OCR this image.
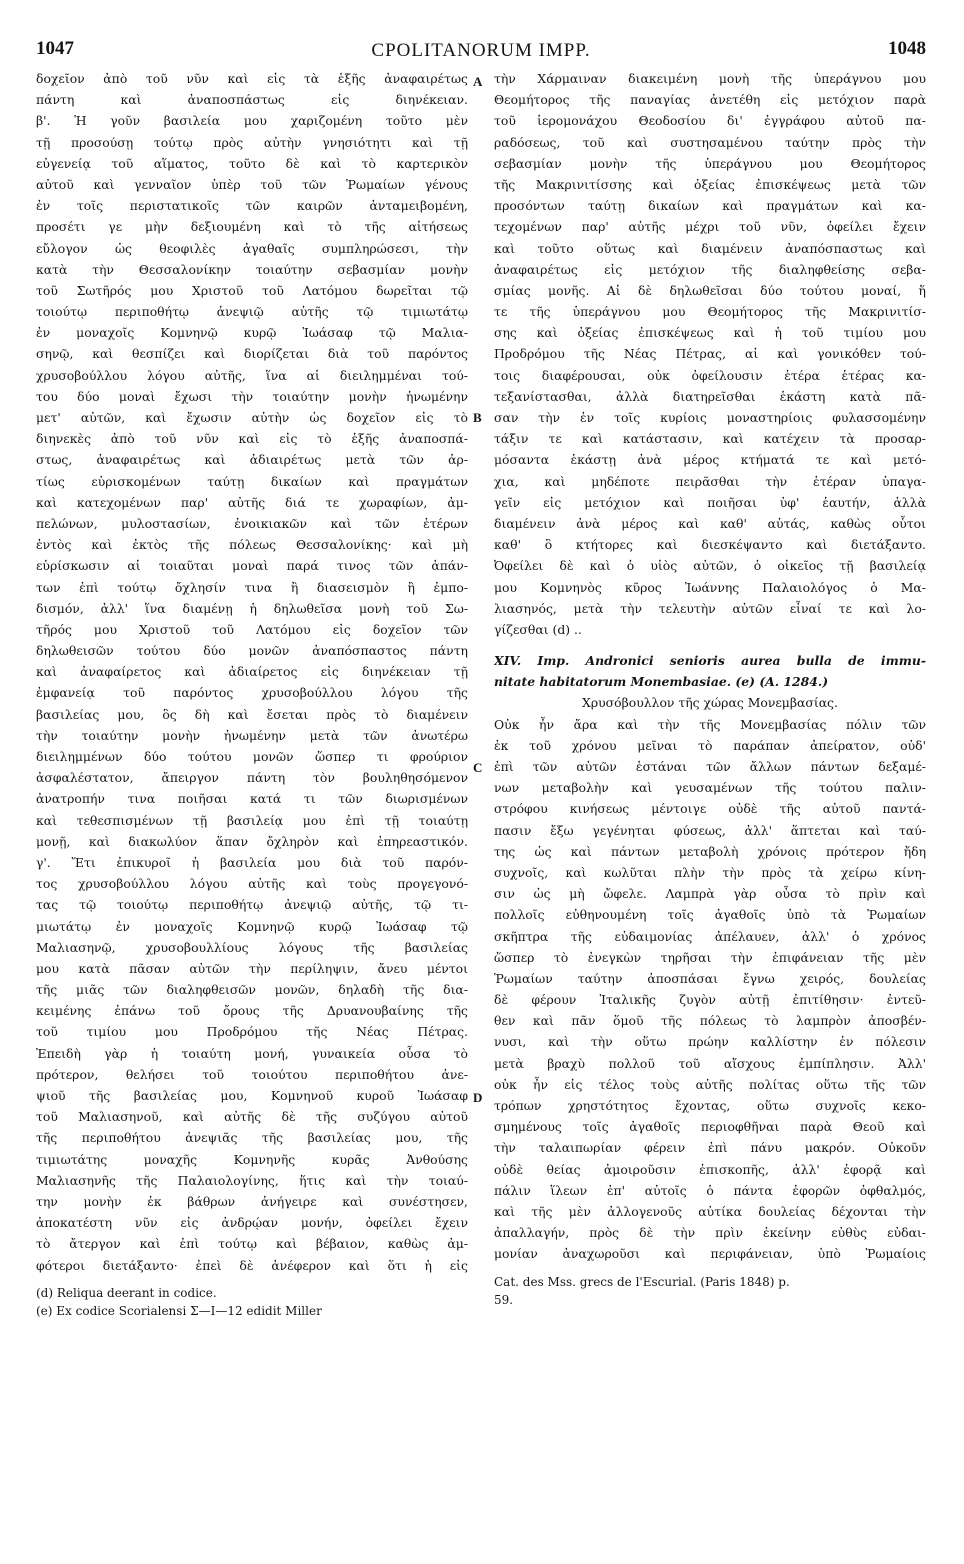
1047	CPOLITANORUM IMPP.	1048
δοχεῖον ἀπὸ τοῦ νῦν καὶ εἰς τὰ ἑξῆς ἀναφαιρέτως
πάντη καὶ ἀναποσπάστως εἰς διηνέκειαν.
β'. Ἡ γοῦν βασιλεία μου χαριζομένη τοῦτο μὲν
τῇ προσούσῃ τούτῳ πρὸς αὐτὴν γνησιότητι καὶ τῇ
εὐγενείᾳ τοῦ αἵματος, τοῦτο δὲ καὶ τὸ καρτερικὸν
αὐτοῦ καὶ γενναῖον ὑπὲρ τοῦ τῶν Ῥωμαίων γένους
ἐν τοῖς περιστατικοῖς τῶν καιρῶν ἀνταμειβομένη,
προσέτι γε μὴν δεξιουμένη καὶ τὸ τῆς αἰτήσεως
εὔλογον ὡς θεοφιλὲς ἀγαθαῖς συμπληρώσεσι, τὴν
κατὰ τὴν Θεσσαλονίκην τοιαύτην σεβασμίαν μονὴν
τοῦ Σωτῆρός μου Χριστοῦ τοῦ Λατόμου δωρεῖται τῷ
τοιούτῳ περιποθήτῳ ἀνεψιῷ αὐτῆς τῷ τιμιωτάτῳ
ἐν μοναχοῖς Κομνηνῷ κυρῷ Ἰωάσαφ τῷ Μαλια-
σηνῷ, καὶ θεσπίζει καὶ διορίζεται διὰ τοῦ παρόντος
χρυσοβούλλου λόγου αὐτῆς, ἵνα αἱ διειλημμέναι τού-
του δύο μοναὶ ἔχωσι τὴν τοιαύτην μονὴν ἡνωμένην
μετ' αὐτῶν, καὶ ἔχωσιν αὐτὴν ὡς δοχεῖον εἰς τὸ
διηνεκὲς ἀπὸ τοῦ νῦν καὶ εἰς τὸ ἑξῆς ἀναποσπά-
στως, ἀναφαιρέτως καὶ ἀδιαιρέτως μετὰ τῶν ἀρ-
τίως εὑρισκομένων ταύτῃ δικαίων καὶ πραγμάτων
καὶ κατεχομένων παρ' αὐτῆς διά τε χωραφίων, ἀμ-
πελώνων, μυλοστασίων, ἐνοικιακῶν καὶ τῶν ἑτέρων
ἐντὸς καὶ ἐκτὸς τῆς πόλεως Θεσσαλονίκης· καὶ μὴ
εὑρίσκωσιν αἱ τοιαῦται μοναὶ παρά τινος τῶν ἁπάν-
των ἐπὶ τούτῳ ὄχλησίν τινα ἢ διασεισμὸν ἢ ἐμπο-
δισμόν, ἀλλ' ἵνα διαμένῃ ἡ δηλωθεῖσα μονὴ τοῦ Σω-
τῆρός μου Χριστοῦ τοῦ Λατόμου εἰς δοχεῖον τῶν
δηλωθεισῶν τούτου δύο μονῶν ἀναπόσπαστος πάντη
καὶ ἀναφαίρετος καὶ ἀδιαίρετος εἰς διηνέκειαν τῇ
ἐμφανείᾳ τοῦ παρόντος χρυσοβούλλου λόγου τῆς
βασιλείας μου, ὃς δὴ καὶ ἔσεται πρὸς τὸ διαμένειν
τὴν τοιαύτην μονὴν ἡνωμένην μετὰ τῶν ἀνωτέρω
διειλημμένων δύο τούτου μονῶν ὥσπερ τι φρούριον
ἀσφαλέστατον, ἄπειργον πάντη τὸν βουληθησόμενον
ἀνατροπήν τινα ποιῆσαι κατά τι τῶν διωρισμένων
καὶ τεθεσπισμένων τῇ βασιλείᾳ μου ἐπὶ τῇ τοιαύτῃ
μονῇ, καὶ διακωλύον ἅπαν ὄχληρὸν καὶ ἐπηρεαστικόν.
γ'. Ἔτι ἐπικυροῖ ἡ βασιλεία μου διὰ τοῦ παρόν-
τος χρυσοβούλλου λόγου αὐτῆς καὶ τοὺς προγεγονό-
τας τῷ τοιούτῳ περιποθήτῳ ἀνεψιῷ αὐτῆς, τῷ τι-
μιωτάτῳ ἐν μοναχοῖς Κομνηνῷ κυρῷ Ἰωάσαφ τῷ
Μαλιασηνῷ, χρυσοβουλλίους λόγους τῆς βασιλείας
μου κατὰ πᾶσαν αὐτῶν τὴν περίληψιν, ἄνευ μέντοι
τῆς μιᾶς τῶν διαληφθεισῶν μονῶν, δηλαδὴ τῆς δια-
κειμένης ἐπάνω τοῦ ὄρους τῆς Δρυανουβαίνης τῆς
τοῦ τιμίου μου Προδρόμου τῆς Νέας Πέτρας.
Ἐπειδὴ γὰρ ἡ τοιαύτη μονή, γυναικεία οὖσα τὸ
πρότερον, θελήσει τοῦ τοιούτου περιποθήτου ἀνε-
ψιοῦ τῆς βασιλείας μου, Κομνηνοῦ κυροῦ Ἰωάσαφ
τοῦ Μαλιασηνοῦ, καὶ αὐτῆς δὲ τῆς συζύγου αὐτοῦ
τῆς περιποθήτου ἀνεψιᾶς τῆς βασιλείας μου, τῆς
τιμιωτάτης μοναχῆς Κομνηνῆς κυρᾶς Ἀνθούσης
Μαλιασηνῆς τῆς Παλαιολογίνης, ἥτις καὶ τὴν τοιαύ-
την μονὴν ἐκ βάθρων ἀνήγειρε καὶ συνέστησεν,
ἀποκατέστη νῦν εἰς ἀνδρῴαν μονήν, ὀφείλει ἔχειν
τὸ ἄτεργον καὶ ἐπὶ τούτῳ καὶ βέβαιον, καθὼς ἀμ-
φότεροι διετάξαντο· ἐπεὶ δὲ ἀνέφερον καὶ ὅτι ἡ εἰς
(d) Reliqua deerant in codice.
(e) Ex codice Scorialensi Σ—I—12 edidit Miller
τὴν Χάρμαιναν διακειμένη μονὴ τῆς ὑπεράγνου μου
Θεομήτορος τῆς παναγίας ἀνετέθη εἰς μετόχιον παρὰ
τοῦ ἱερομονάχου Θεοδοσίου δι' ἐγγράφου αὐτοῦ πα-
ραδόσεως, τοῦ καὶ συστησαμένου ταύτην πρὸς τὴν
σεβασμίαν μονὴν τῆς ὑπεράγνου μου Θεομήτορος
τῆς Μακρινιτίσσης καὶ ὀξείας ἐπισκέψεως μετὰ τῶν
προσόντων ταύτῃ δικαίων καὶ πραγμάτων καὶ κα-
τεχομένων παρ' αὐτῆς μέχρι τοῦ νῦν, ὀφείλει ἔχειν
καὶ τοῦτο οὕτως καὶ διαμένειν ἀναπόσπαστως καὶ
ἀναφαιρέτως εἰς μετόχιον τῆς διαληφθείσης σεβα-
σμίας μονῆς. Αἱ δὲ δηλωθεῖσαι δύο τούτου μοναί, ἥ
τε τῆς ὑπεράγνου μου Θεομήτορος τῆς Μακρινιτίσ-
σης καὶ ὀξείας ἐπισκέψεως καὶ ἡ τοῦ τιμίου μου
Προδρόμου τῆς Νέας Πέτρας, αἱ καὶ γονικόθεν τού-
τοις διαφέρουσαι, οὐκ ὀφείλουσιν ἑτέρα ἑτέρας κα-
τεξανίστασθαι, ἀλλὰ διατηρεῖσθαι ἑκάστη κατὰ πᾶ-
σαν τὴν ἐν τοῖς κυρίοις μοναστηρίοις φυλασσομένην
τάξιν τε καὶ κατάστασιν, καὶ κατέχειν τὰ προσαρ-
μόσαντα ἑκάστῃ ἀνὰ μέρος κτήματά τε καὶ μετό-
χια, καὶ μηδέποτε πειρᾶσθαι τὴν ἑτέραν ὑπαγα-
γεῖν εἰς μετόχιον καὶ ποιῆσαι ὑφ' ἑαυτήν, ἀλλὰ
διαμένειν ἀνὰ μέρος καὶ καθ' αὑτάς, καθὼς οὗτοι
καθ' ὃ κτήτορες καὶ διεσκέψαντο καὶ διετάξαντο.
Ὀφείλει δὲ καὶ ὁ υἱὸς αὐτῶν, ὁ οἰκεῖος τῇ βασιλείᾳ
μου Κομνηνὸς κῦρος Ἰωάννης Παλαιολόγος ὁ Μα-
λιασηνός, μετὰ τὴν τελευτὴν αὐτῶν εἶναί τε καὶ λο-
γίζεσθαι (d) ..
XIV. Imp. Andronici senioris aurea bulla de immu-
nitate habitatorum Monembasiae. (e) (A. 1284.)
Χρυσόβουλλον τῆς χώρας Μονεμβασίας.
Οὐκ ἦν ἄρα καὶ τὴν τῆς Μονεμβασίας πόλιν τῶν
ἐκ τοῦ χρόνου μεῖναι τὸ παράπαν ἀπείρατον, οὐδ'
ἐπὶ τῶν αὐτῶν ἑστάναι τῶν ἄλλων πάντων δεξαμέ-
νων μεταβολὴν καὶ γευσαμένων τῆς τούτου παλιν-
στρόφου κινήσεως μέντοιγε οὐδὲ τῆς αὐτοῦ παντά-
πασιν ἔξω γεγένηται φύσεως, ἀλλ' ἅπτεται καὶ ταύ-
της ὡς καὶ πάντων μεταβολὴ χρόνοις πρότερον ἤδη
συχνοῖς, καὶ κωλῦται πλὴν τὴν πρὸς τὰ χείρω κίνη-
σιν ὡς μὴ ὤφελε. Λαμπρὰ γὰρ οὖσα τὸ πρὶν καὶ
πολλοῖς εὐθηνουμένη τοῖς ἀγαθοῖς ὑπὸ τὰ Ῥωμαίων
σκῆπτρα τῆς εὐδαιμονίας ἀπέλαυεν, ἀλλ' ὁ χρόνος
ὥσπερ τὸ ἐνεγκὼν τηρῆσαι τὴν ἐπιφάνειαν τῆς μὲν
Ῥωμαίων ταύτην ἀποσπάσαι ἔγνω χειρός, δουλείας
δὲ φέρουν Ἰταλικῆς ζυγὸν αὐτῇ ἐπιτίθησιν· ἐντεῦ-
θεν καὶ πᾶν ὅμοῦ τῆς πόλεως τὸ λαμπρὸν ἀποσβέν-
νυσι, καὶ τὴν οὕτω πρώην καλλίστην ἐν πόλεσιν
μετὰ βραχὺ πολλοῦ τοῦ αἴσχους ἐμπίπλησιν. Ἀλλ'
οὐκ ἦν εἰς τέλος τοὺς αὐτῆς πολίτας οὕτω τῆς τῶν
τρόπων χρηστότητος ἔχοντας, οὕτω συχνοῖς κεκο-
σμημένους τοῖς ἀγαθοῖς περιοφθῆναι παρὰ Θεοῦ καὶ
τὴν ταλαιπωρίαν φέρειν ἐπὶ πάνυ μακρόν. Οὐκοῦν
οὐδὲ θείας ἀμοιροῦσιν ἐπισκοπῆς, ἀλλ' ἐφορᾷ καὶ
πάλιν ἵλεων ἐπ' αὐτοῖς ὁ πάντα ἐφορῶν ὀφθαλμός,
καὶ τῆς μὲν ἀλλογενοῦς αὐτίκα δουλείας δέχονται τὴν
ἀπαλλαγήν, πρὸς δὲ τὴν πρὶν ἐκείνην εὐθὺς εὐδαι-
μονίαν ἀναχωροῦσι καὶ περιφάνειαν, ὑπὸ Ῥωμαίοις
Cat. des Mss. grecs de l'Escurial. (Paris 1848) p.
59.
A
B
C
D
